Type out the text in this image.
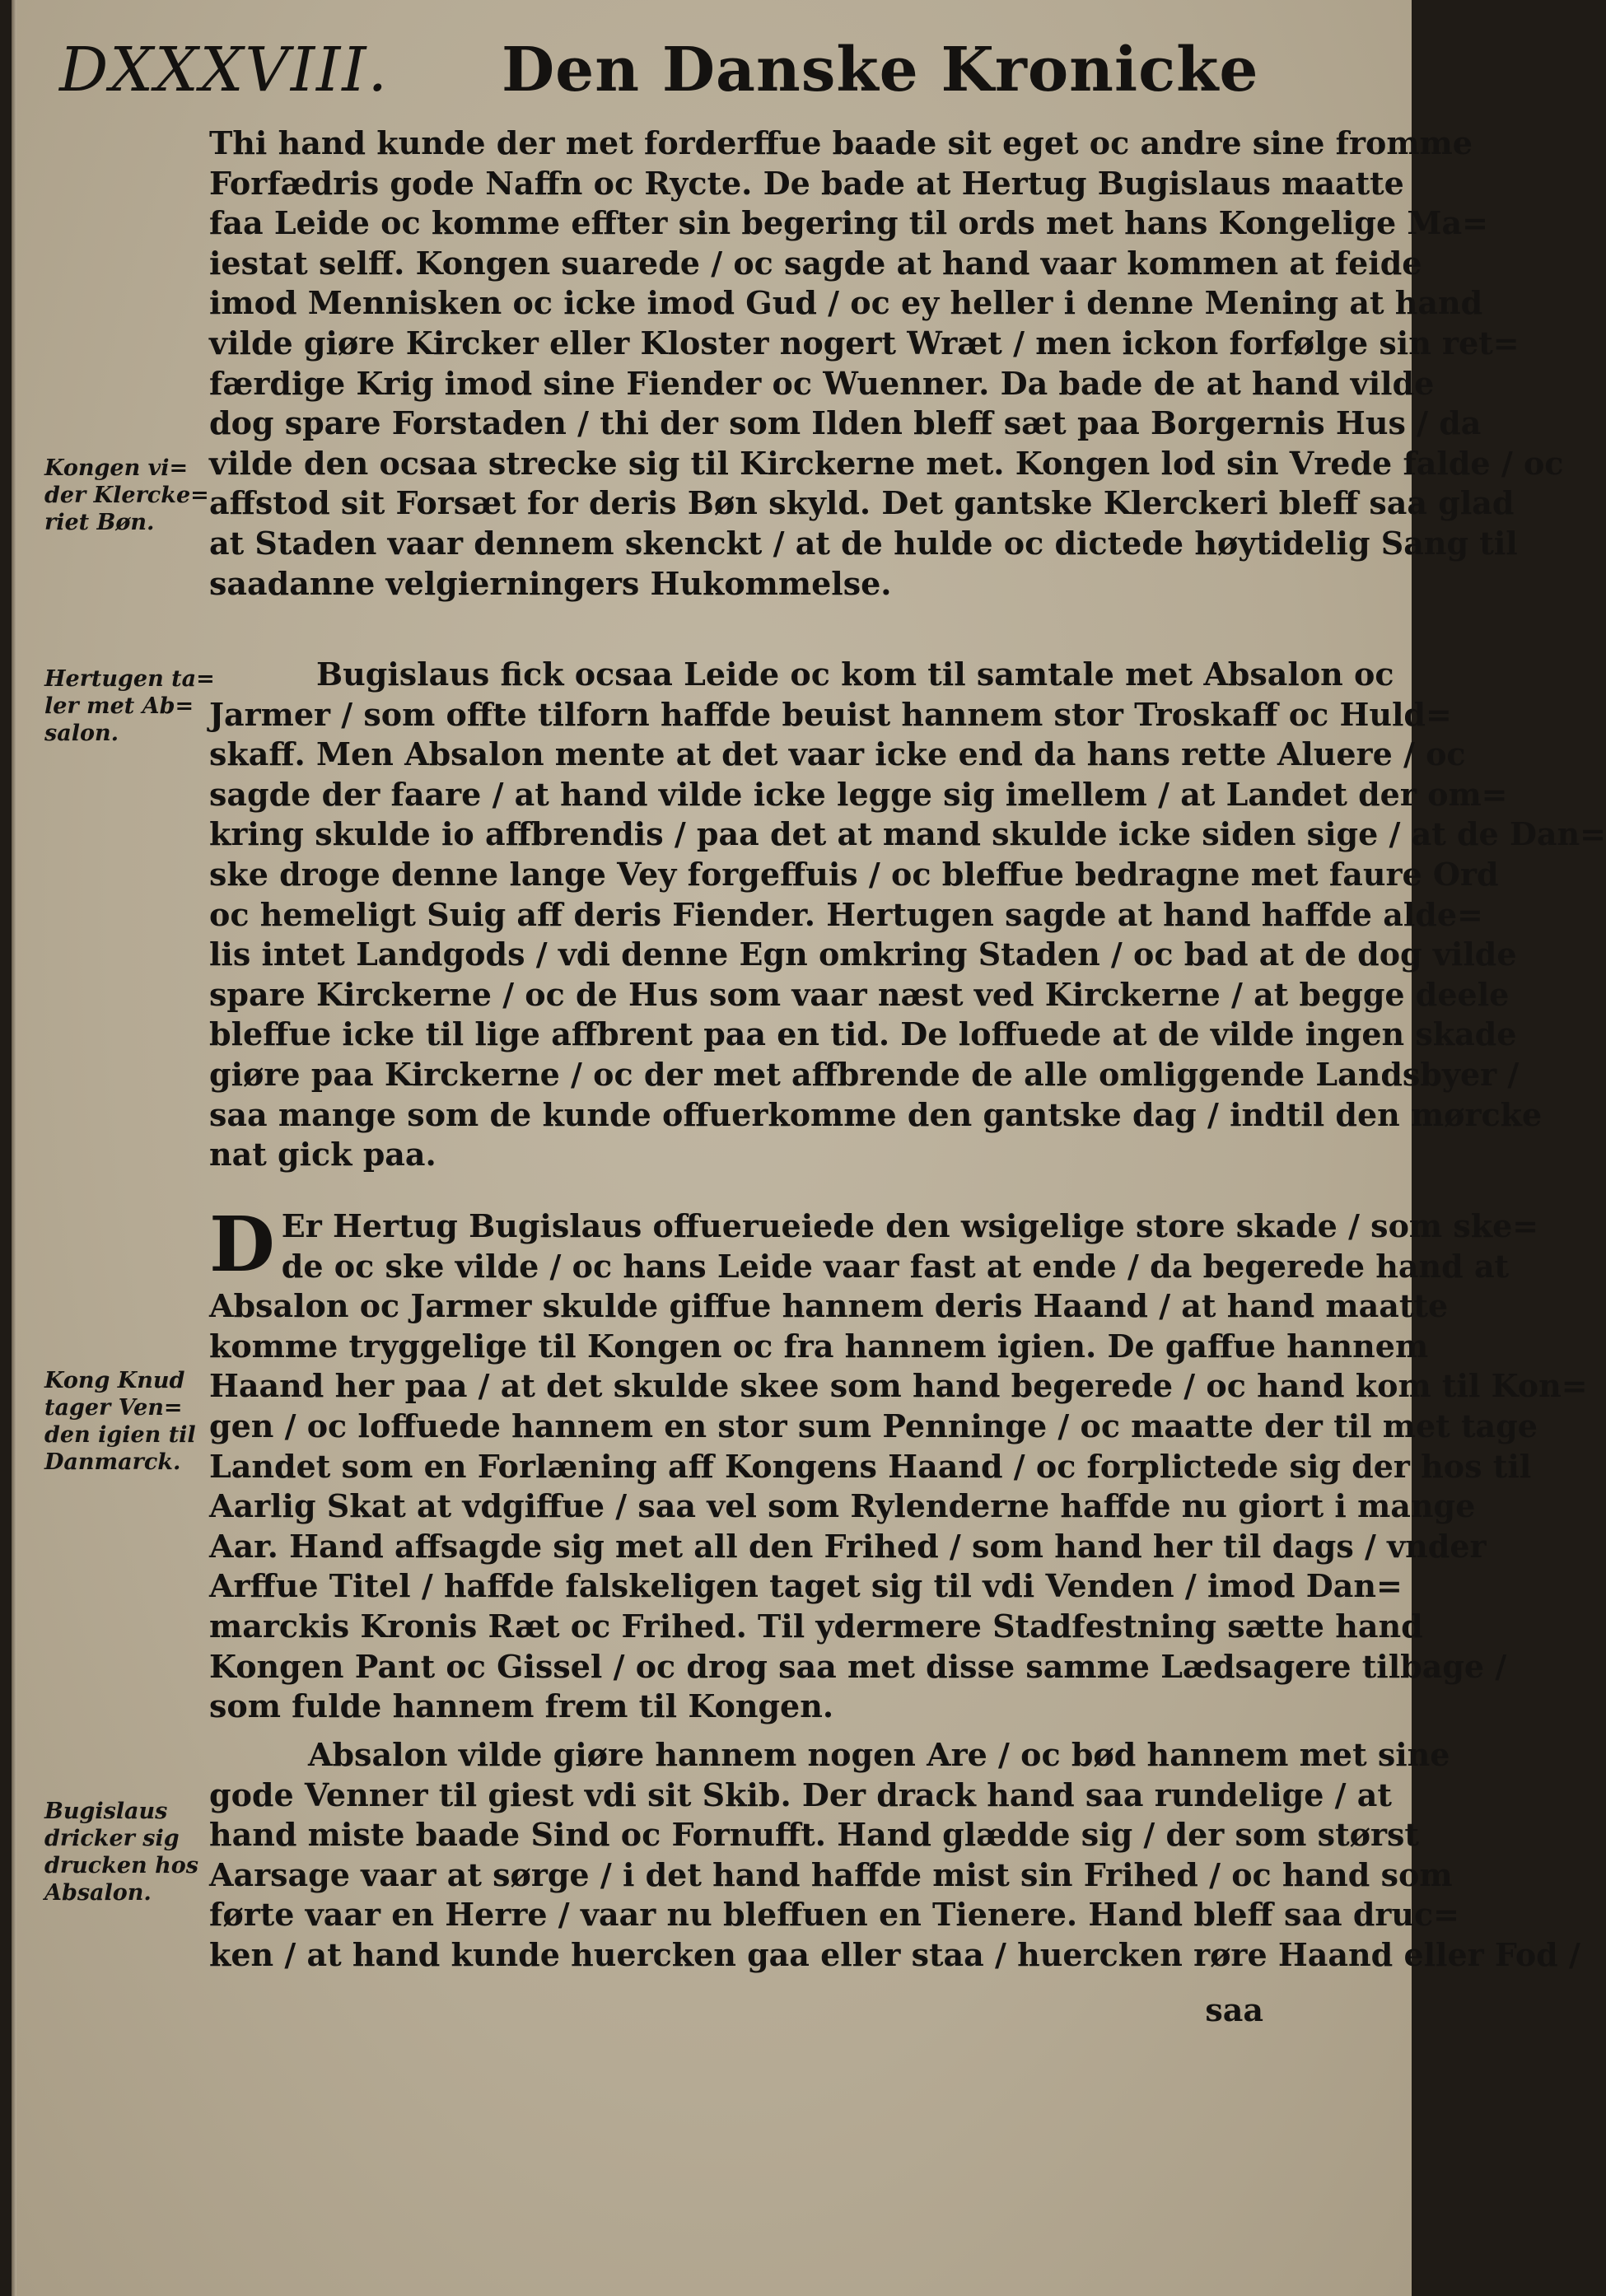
DXXXVIII. Den Danske Kronicke
Thi hand kunde der met forderffue baade sit eget oc andre sine fromme
Forfædris gode Naffn oc Rycte. De bade at Hertug Bugislaus maatte
faa Leide oc komme effter sin begering til ords met hans Kongelige Ma=
iestat selff. Kongen suarede / oc sagde at hand vaar kommen at feide
imod Mennisken oc icke imod Gud / oc ey heller i denne Mening at hand
vilde giøre Kircker eller Kloster nogert Wræt / men ickon forfølge sin ret=
færdige Krig imod sine Fiender oc Wuenner. Da bade de at hand vilde
dog spare Forstaden / thi der som Ilden bleff sæt paa Borgernis Hus / da
vilde den ocsaa strecke sig til Kirckerne met. Kongen lod sin Vrede falde / oc
affstod sit Forsæt for deris Bøn skyld. Det gantske Klerckeri bleff saa glad
at Staden vaar dennem skenckt / at de hulde oc dictede høytidelig Sang til
saadanne velgierningers Hukommelse.
Bugislaus fick ocsaa Leide oc kom til samtale met Absalon oc
Jarmer / som offte tilforn haffde beuist hannem stor Troskaff oc Huld=
skaff. Men Absalon mente at det vaar icke end da hans rette Aluere / oc
sagde der faare / at hand vilde icke legge sig imellem / at Landet der om=
kring skulde io affbrendis / paa det at mand skulde icke siden sige / at de Dan=
ske droge denne lange Vey forgeffuis / oc bleffue bedragne met faure Ord
oc hemeligt Suig aff deris Fiender. Hertugen sagde at hand haffde alde=
lis intet Landgods / vdi denne Egn omkring Staden / oc bad at de dog vilde
spare Kirckerne / oc de Hus som vaar næst ved Kirckerne / at begge deele
bleffue icke til lige affbrent paa en tid. De loffuede at de vilde ingen skade
giøre paa Kirckerne / oc der met affbrende de alle omliggende Landsbyer /
saa mange som de kunde offuerkomme den gantske dag / indtil den mørcke
nat gick paa.
D Er Hertug Bugislaus offuerueiede den wsigelige store skade / som ske=
de oc ske vilde / oc hans Leide vaar fast at ende / da begerede hand at
Absalon oc Jarmer skulde giffue hannem deris Haand / at hand maatte
komme tryggelige til Kongen oc fra hannem igien. De gaffue hannem
Haand her paa / at det skulde skee som hand begerede / oc hand kom til Kon=
gen / oc loffuede hannem en stor sum Penninge / oc maatte der til met tage
Landet som en Forlæning aff Kongens Haand / oc forplictede sig der hos til
Aarlig Skat at vdgiffue / saa vel som Rylenderne haffde nu giort i mange
Aar. Hand affsagde sig met all den Frihed / som hand her til dags / vnder
Arffue Titel / haffde falskeligen taget sig til vdi Venden / imod Dan=
marckis Kronis Ræt oc Frihed. Til ydermere Stadfestning sætte hand
Kongen Pant oc Gissel / oc drog saa met disse samme Lædsagere tilbage /
som fulde hannem frem til Kongen.
Absalon vilde giøre hannem nogen Are / oc bød hannem met sine
gode Venner til giest vdi sit Skib. Der drack hand saa rundelige / at
hand miste baade Sind oc Fornufft. Hand glædde sig / der som størst
Aarsage vaar at sørge / i det hand haffde mist sin Frihed / oc hand som
førte vaar en Herre / vaar nu bleffuen en Tienere. Hand bleff saa druc=
ken / at hand kunde huercken gaa eller staa / huercken røre Haand eller Fod /
saa
Kongen vi=
der Klercke=
riet Bøn.
Hertugen ta=
ler met Ab=
salon.
Kong Knud
tager Ven=
den igien til
Danmarck.
Bugislaus
dricker sig
drucken hos
Absalon.
